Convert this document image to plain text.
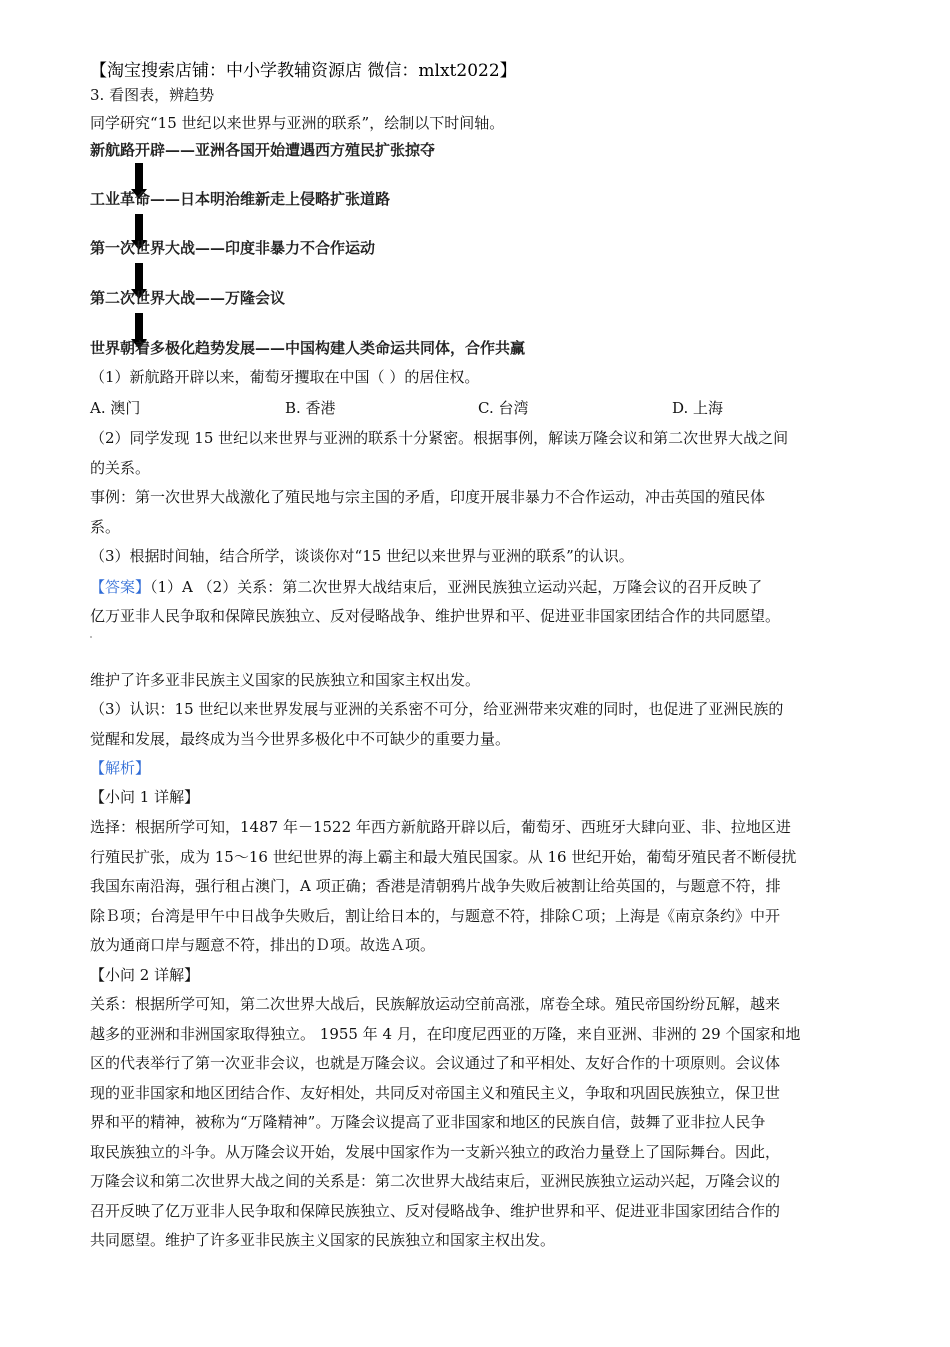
【淘宝搜索店铺：中小学教辅资源店 微信：mlxt2022】
3. 看图表，辨趋势
同学研究“15 世纪以来世界与亚洲的联系”，绘制以下时间轴。
新航路开辟——亚洲各国开始遭遇西方殖民扩张掠夺
工业革命——日本明治维新走上侵略扩张道路
第一次世界大战——印度非暴力不合作运动
第二次世界大战——万隆会议
世界朝着多极化趋势发展——中国构建人类命运共同体，合作共赢
（1）新航路开辟以来，葡萄牙攫取在中国（ ）的居住权。
A. 澳门	B. 香港	C. 台湾	D. 上海
（2）同学发现 15 世纪以来世界与亚洲的联系十分紧密。根据事例，解读万隆会议和第二次世界大战之间
的关系。
事例：第一次世界大战激化了殖民地与宗主国的矛盾，印度开展非暴力不合作运动，冲击英国的殖民体
系。
（3）根据时间轴，结合所学，谈谈你对“15 世纪以来世界与亚洲的联系”的认识。
【答案】（1）A （2）关系：第二次世界大战结束后，亚洲民族独立运动兴起，万隆会议的召开反映了
亿万亚非人民争取和保障民族独立、反对侵略战争、维护世界和平、促进亚非国家团结合作的共同愿望。
维护了许多亚非民族主义国家的民族独立和国家主权出发。
（3）认识：15 世纪以来世界发展与亚洲的关系密不可分，给亚洲带来灾难的同时，也促进了亚洲民族的
觉醒和发展，最终成为当今世界多极化中不可缺少的重要力量。
【解析】
【小问 1 详解】
选择：根据所学可知，1487 年－1522 年西方新航路开辟以后，葡萄牙、西班牙大肆向亚、非、拉地区进
行殖民扩张，成为 15～16 世纪世界的海上霸主和最大殖民国家。从 16 世纪开始，葡萄牙殖民者不断侵扰
我国东南沿海，强行租占澳门，A 项正确；香港是清朝鸦片战争失败后被割让给英国的，与题意不符，排
除Ｂ项；台湾是甲午中日战争失败后，割让给日本的，与题意不符，排除Ｃ项；上海是《南京条约》中开
放为通商口岸与题意不符，排出的Ｄ项。故选Ａ项。
【小问 2 详解】
关系：根据所学可知，第二次世界大战后，民族解放运动空前高涨，席卷全球。殖民帝国纷纷瓦解，越来
越多的亚洲和非洲国家取得独立。 1955 年 4 月，在印度尼西亚的万隆，来自亚洲、非洲的 29 个国家和地
区的代表举行了第一次亚非会议，也就是万隆会议。会议通过了和平相处、友好合作的十项原则。会议体
现的亚非国家和地区团结合作、友好相处，共同反对帝国主义和殖民主义，争取和巩固民族独立，保卫世
界和平的精神，被称为“万隆精神”。万隆会议提高了亚非国家和地区的民族自信，鼓舞了亚非拉人民争
取民族独立的斗争。从万隆会议开始，发展中国家作为一支新兴独立的政治力量登上了国际舞台。因此，
万隆会议和第二次世界大战之间的关系是：第二次世界大战结束后，亚洲民族独立运动兴起，万隆会议的
召开反映了亿万亚非人民争取和保障民族独立、反对侵略战争、维护世界和平、促进亚非国家团结合作的
共同愿望。维护了许多亚非民族主义国家的民族独立和国家主权出发。
